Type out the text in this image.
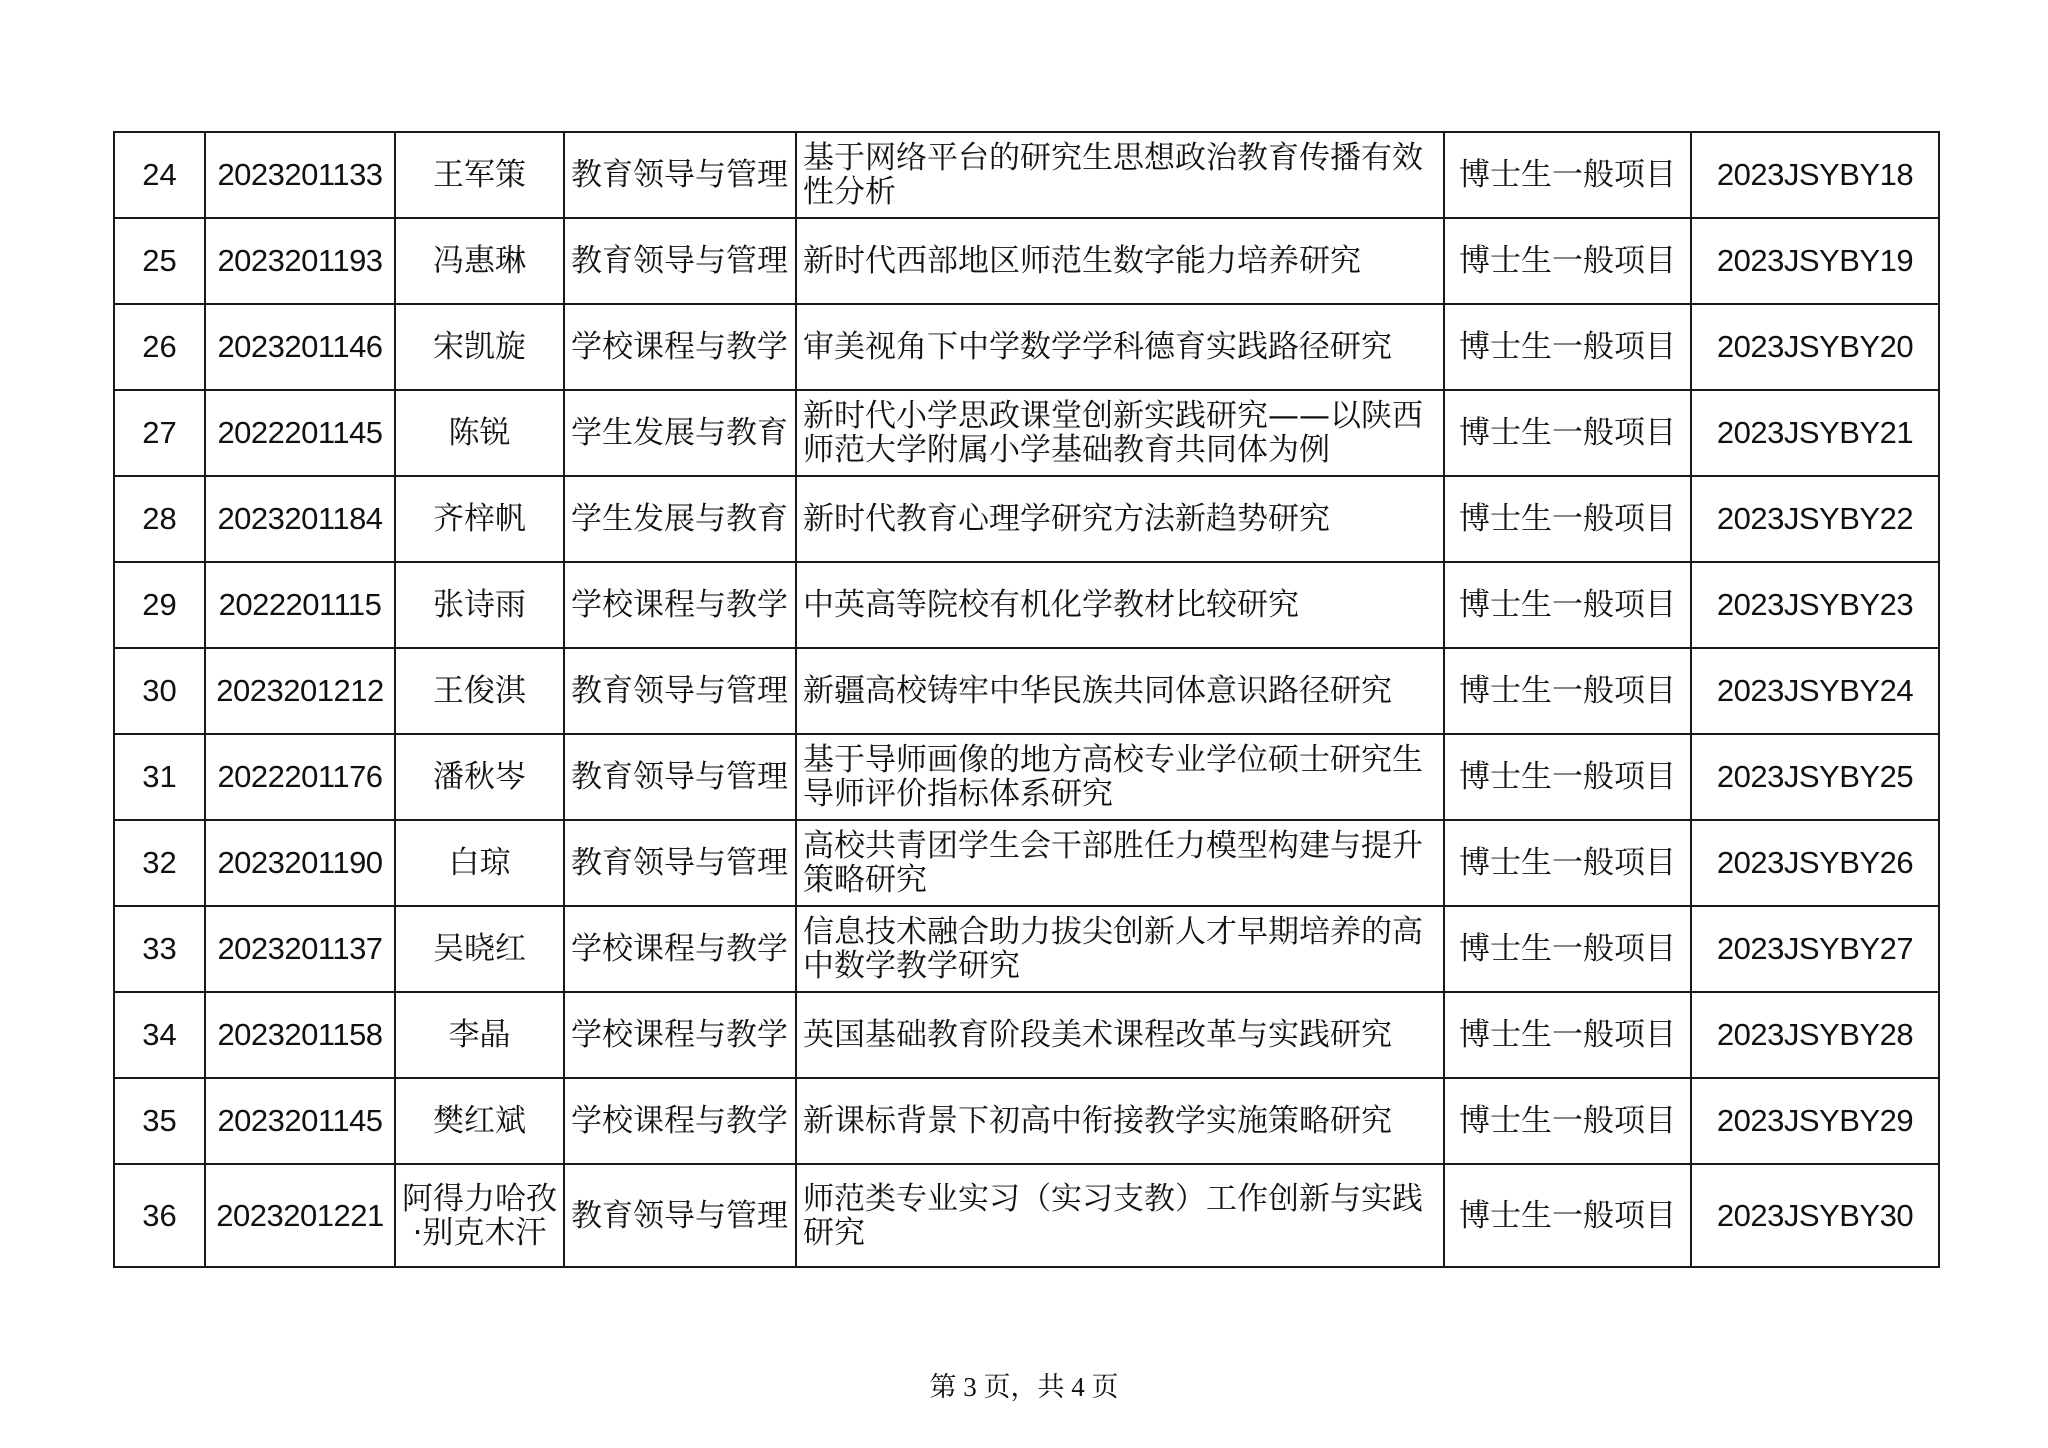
24	2023201133	王军策	教育领导与管理	基于网络平台的研究生思想政治教育传播有效性分析	博士生一般项目	2023JSYBY18
25	2023201193	冯惠琳	教育领导与管理	新时代西部地区师范生数字能力培养研究	博士生一般项目	2023JSYBY19
26	2023201146	宋凯旋	学校课程与教学	审美视角下中学数学学科德育实践路径研究	博士生一般项目	2023JSYBY20
27	2022201145	陈锐	学生发展与教育	新时代小学思政课堂创新实践研究——以陕西师范大学附属小学基础教育共同体为例	博士生一般项目	2023JSYBY21
28	2023201184	齐梓帆	学生发展与教育	新时代教育心理学研究方法新趋势研究	博士生一般项目	2023JSYBY22
29	2022201115	张诗雨	学校课程与教学	中英高等院校有机化学教材比较研究	博士生一般项目	2023JSYBY23
30	2023201212	王俊淇	教育领导与管理	新疆高校铸牢中华民族共同体意识路径研究	博士生一般项目	2023JSYBY24
31	2022201176	潘秋岑	教育领导与管理	基于导师画像的地方高校专业学位硕士研究生导师评价指标体系研究	博士生一般项目	2023JSYBY25
32	2023201190	白琼	教育领导与管理	高校共青团学生会干部胜任力模型构建与提升策略研究	博士生一般项目	2023JSYBY26
33	2023201137	吴晓红	学校课程与教学	信息技术融合助力拔尖创新人才早期培养的高中数学教学研究	博士生一般项目	2023JSYBY27
34	2023201158	李晶	学校课程与教学	英国基础教育阶段美术课程改革与实践研究	博士生一般项目	2023JSYBY28
35	2023201145	樊红斌	学校课程与教学	新课标背景下初高中衔接教学实施策略研究	博士生一般项目	2023JSYBY29
36	2023201221	阿得力哈孜·别克木汗	教育领导与管理	师范类专业实习（实习支教）工作创新与实践研究	博士生一般项目	2023JSYBY30
第 3 页，共 4 页
